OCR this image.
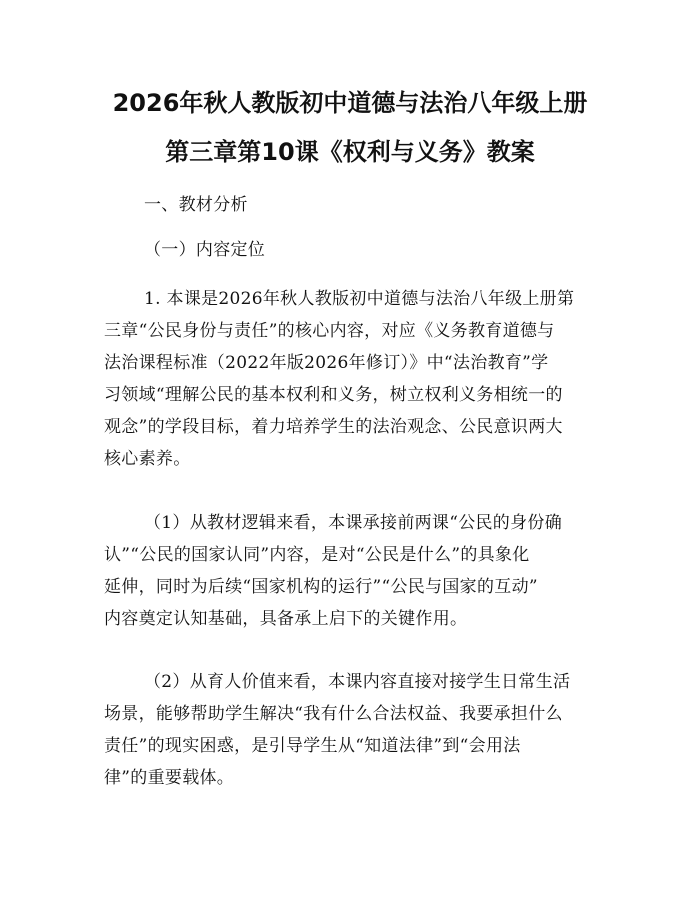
2026年秋人教版初中道德与法治八年级上册
第三章第10课《权利与义务》教案
一、教材分析
（一）内容定位
1. 本课是2026年秋人教版初中道德与法治八年级上册第
三章“公民身份与责任”的核心内容，对应《义务教育道德与
法治课程标准（2022年版2026年修订）》中“法治教育”学
习领域“理解公民的基本权利和义务，树立权利义务相统一的
观念”的学段目标，着力培养学生的法治观念、公民意识两大
核心素养。
（1）从教材逻辑来看，本课承接前两课“公民的身份确
认”“公民的国家认同”内容，是对“公民是什么”的具象化
延伸，同时为后续“国家机构的运行”“公民与国家的互动”
内容奠定认知基础，具备承上启下的关键作用。
（2）从育人价值来看，本课内容直接对接学生日常生活
场景，能够帮助学生解决“我有什么合法权益、我要承担什么
责任”的现实困惑，是引导学生从“知道法律”到“会用法
律”的重要载体。
